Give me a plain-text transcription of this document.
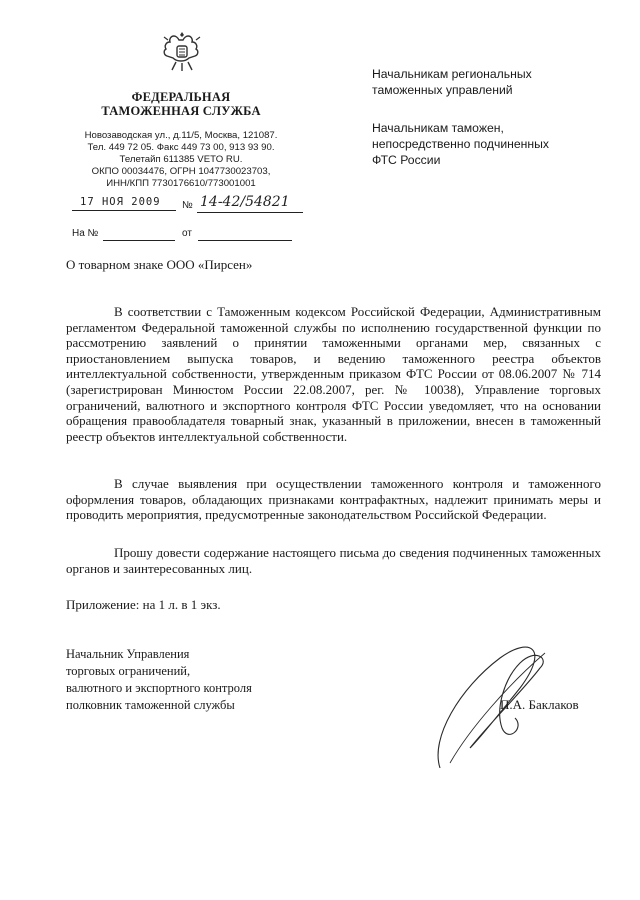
ФЕДЕРАЛЬНАЯ
ТАМОЖЕННАЯ СЛУЖБА
Новозаводская ул., д.11/5, Москва, 121087.
Тел. 449 72 05. Факс 449 73 00, 913 93 90.
Телетайп 611385 VETO RU.
ОКПО 00034476, ОГРН 1047730023703,
ИНН/КПП 7730176610/773001001
17 НОЯ 2009 № 14-42/54821
На №	от
Начальникам региональных
таможенных управлений
Начальникам таможен,
непосредственно подчиненных
ФТС России
О товарном знаке ООО «Пирсен»

В соответствии с Таможенным кодексом Российской Федерации, Административным регламентом Федеральной таможенной службы по исполнению государственной функции по рассмотрению заявлений о принятии таможенными органами мер, связанных с приостановлением выпуска товаров, и ведению таможенного реестра объектов интеллектуальной собственности, утвержденным приказом ФТС России от 08.06.2007 № 714 (зарегистрирован Минюстом России 22.08.2007, рег. № 10038), Управление торговых ограничений, валютного и экспортного контроля ФТС России уведомляет, что на основании обращения правообладателя товарный знак, указанный в приложении, внесен в таможенный реестр объектов интеллектуальной собственности.

В случае выявления при осуществлении таможенного контроля и таможенного оформления товаров, обладающих признаками контрафактных, надлежит принимать меры и проводить мероприятия, предусмотренные законодательством Российской Федерации.

Прошу довести содержание настоящего письма до сведения подчиненных таможенных органов и заинтересованных лиц.

Приложение: на 1 л. в 1 экз.
Начальник Управления
торговых ограничений,
валютного и экспортного контроля
полковник таможенной службы	П.А. Баклаков
